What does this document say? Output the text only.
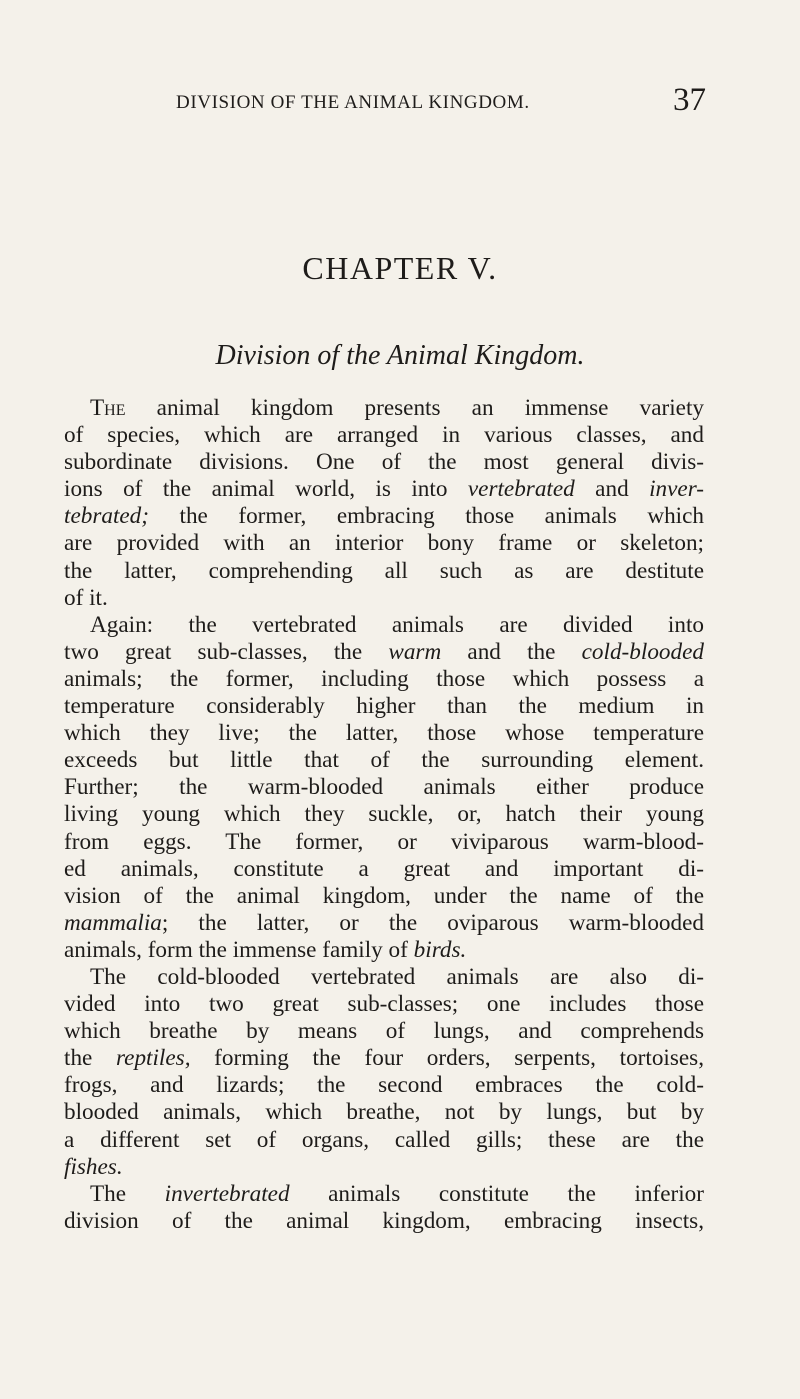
DIVISION OF THE ANIMAL KINGDOM.	37
CHAPTER V.
Division of the Animal Kingdom.
The animal kingdom presents an immense variety
of species, which are arranged in various classes, and
subordinate divisions. One of the most general divis-
ions of the animal world, is into vertebrated and inver-
tebrated; the former, embracing those animals which
are provided with an interior bony frame or skeleton;
the latter, comprehending all such as are destitute
of it.
Again: the vertebrated animals are divided into
two great sub-classes, the warm and the cold-blooded
animals; the former, including those which possess a
temperature considerably higher than the medium in
which they live; the latter, those whose temperature
exceeds but little that of the surrounding element.
Further; the warm-blooded animals either produce
living young which they suckle, or, hatch their young
from eggs. The former, or viviparous warm-blood-
ed animals, constitute a great and important di-
vision of the animal kingdom, under the name of the
mammalia; the latter, or the oviparous warm-blooded
animals, form the immense family of birds.
The cold-blooded vertebrated animals are also di-
vided into two great sub-classes; one includes those
which breathe by means of lungs, and comprehends
the reptiles, forming the four orders, serpents, tortoises,
frogs, and lizards; the second embraces the cold-
blooded animals, which breathe, not by lungs, but by
a different set of organs, called gills; these are the
fishes.
The invertebrated animals constitute the inferior
division of the animal kingdom, embracing insects,
